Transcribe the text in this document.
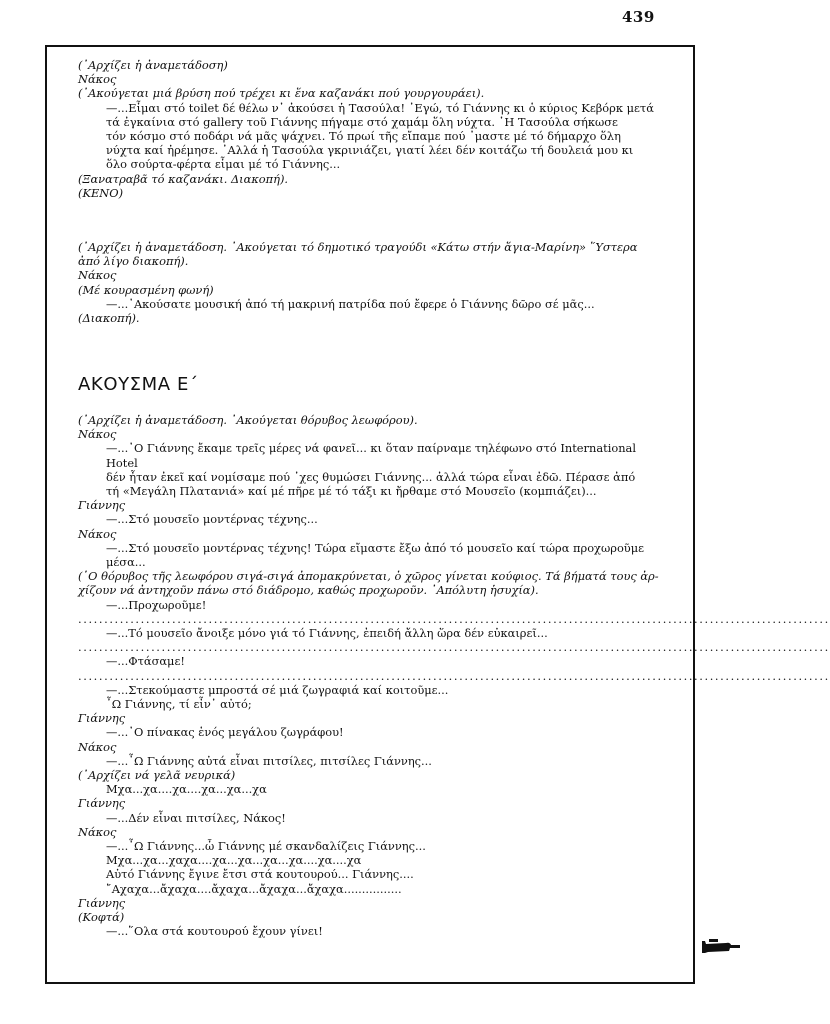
439

(᾿Αρχίζει ἡ ἀναμετάδοση)

Νάκος

(᾿Ακούγεται μιά βρύση πού τρέχει κι ἕνα καζανάκι πού γουργουράει).

—...Εἶμαι στό toilet δέ θέλω ν᾿ ἀκούσει ἡ Τασούλα! ᾿Εγώ, τό Γιάννης κι ὁ κύριος Κεβόρκ μετά

τά ἐγκαίνια στό gallery τοῦ Γιάννης πήγαμε στό χαμάμ ὅλη νύχτα. ῾Η Τασούλα σήκωσε

τόν κόσμο στό ποδάρι νά μᾶς ψάχνει. Τό πρωί τῆς εἴπαμε πού ᾿μαστε μέ τό δήμαρχο ὅλη

νύχτα καί ἠρέμησε. ᾿Αλλά ἡ Τασούλα γκρινιάζει, γιατί λέει δέν κοιτάζω τή δουλειά μου κι

ὅλο σούρτα-φέρτα εἶμαι μέ τό Γιάννης...

(Ξανατραβᾶ τό καζανάκι. Διακοπή).

(ΚΕΝΟ)

(᾿Αρχίζει ἡ ἀναμετάδοση. ᾿Ακούγεται τό δημοτικό τραγούδι «Κάτω στήν ἅγια-Μαρίνη» ῞Υστερα

ἀπό λίγο διακοπή).

Νάκος

(Μέ κουρασμένη φωνή)

—...᾿Ακούσατε μουσική ἀπό τή μακρινή πατρίδα πού ἔφερε ὁ Γιάννης δῶρο σέ μᾶς...

(Διακοπή).

ΑΚΟΥΣΜΑ Ε΄

(᾿Αρχίζει ἡ ἀναμετάδοση. ᾿Ακούγεται θόρυβος λεωφόρου).

Νάκος

—...᾿Ο Γιάννης ἔκαμε τρεῖς μέρες νά φανεῖ... κι ὅταν παίρναμε τηλέφωνο στό International Hotel

δέν ἦταν ἐκεῖ καί νομίσαμε πού ᾿χες θυμώσει Γιάννης... ἀλλά τώρα εἶναι ἐδῶ. Πέρασε ἀπό

τή «Μεγάλη Πλατανιά» καί μέ πῆρε μέ τό τάξι κι ἤρθαμε στό Μουσεῖο (κομπιάζει)...

Γιάννης

—...Στό μουσεῖο μοντέρνας τέχνης...

Νάκος

—...Στό μουσεῖο μοντέρνας τέχνης! Τώρα εἴμαστε ἔξω ἀπό τό μουσεῖο καί τώρα προχωροῦμε

μέσα...

(῾Ο θόρυβος τῆς λεωφόρου σιγά-σιγά ἀπομακρύνεται, ὁ χῶρος γίνεται κούφιος. Τά βήματά τους ἀρ-

χίζουν νά ἀντηχοῦν πάνω στό διάδρομο, καθώς προχωροῦν. ᾿Απόλυτη ἡσυχία).

—...Προχωροῦμε!

................................................................................................................................................

—...Τό μουσεῖο ἄνοιξε μόνο γιά τό Γιάννης, ἐπειδή ἄλλη ὥρα δέν εὐκαιρεῖ...

................................................................................................................................................

—...Φτάσαμε!

................................................................................................................................................

—...Στεκούμαστε μπροστά σέ μιά ζωγραφιά καί κοιτοῦμε...

῏Ω Γιάννης, τί εἶν᾿ αὐτό;

Γιάννης

—...᾿Ο πίνακας ἑνός μεγάλου ζωγράφου!

Νάκος

—...῏Ω Γιάννης αὐτά εἶναι πιτσίλες, πιτσίλες Γιάννης...

(᾿Αρχίζει νά γελᾶ νευρικά)

Μχα...χα....χα....χα...χα...χα

Γιάννης

—...Δέν εἶναι πιτσίλες, Νάκος!

Νάκος

—...῏Ω Γιάννης...ὦ Γιάννης μέ σκανδαλίζεις Γιάννης...

Μχα...χα...χαχα....χα...χα...χα...χα....χα....χα

Αὐτό Γιάννης ἔγινε ἔτσι στά κουτουρού... Γιάννης....

῎Αχαχα...ἄχαχα....ἄχαχα...ἄχαχα...ἄχαχα................

Γιάννης

(Κοφτά)

—...῞Ολα στά κουτουρού ἔχουν γίνει!
